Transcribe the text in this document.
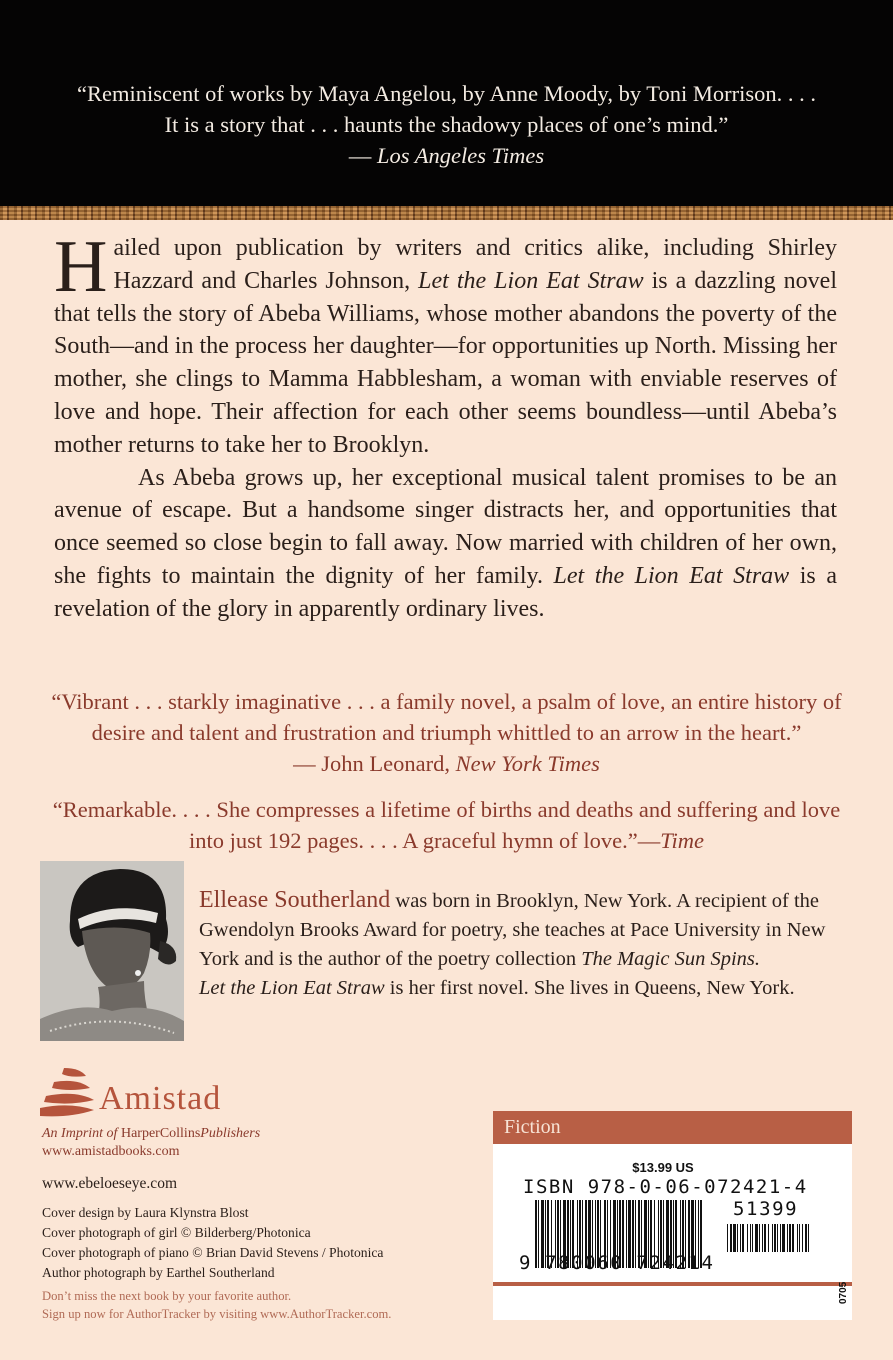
“Reminiscent of works by Maya Angelou, by Anne Moody, by Toni Morrison. . . .
It is a story that . . . haunts the shadowy places of one’s mind.”
— Los Angeles Times

Hailed upon publication by writers and critics alike, including Shirley Hazzard and Charles Johnson, Let the Lion Eat Straw is a dazzling novel that tells the story of Abeba Williams, whose mother abandons the poverty of the South—and in the process her daughter—for opportunities up North. Missing her mother, she clings to Mamma Habblesham, a woman with enviable reserves of love and hope. Their affection for each other seems boundless—until Abeba’s mother returns to take her to Brooklyn.

As Abeba grows up, her exceptional musical talent promises to be an avenue of escape. But a handsome singer distracts her, and opportunities that once seemed so close begin to fall away. Now married with children of her own, she fights to maintain the dignity of her family. Let the Lion Eat Straw is a revelation of the glory in apparently ordinary lives.

“Vibrant . . . starkly imaginative . . . a family novel, a psalm of love, an entire history of
desire and talent and frustration and triumph whittled to an arrow in the heart.”
— John Leonard, New York Times
“Remarkable. . . . She compresses a lifetime of births and deaths and suffering and love
into just 192 pages. . . . A graceful hymn of love.”—Time
Ellease Southerland was born in Brooklyn, New York. A recipient of the Gwendolyn Brooks Award for poetry, she teaches at Pace University in New York and is the author of the poetry collection The Magic Sun Spins.
Let the Lion Eat Straw is her first novel. She lives in Queens, New York.
Amistad
An Imprint of HarperCollinsPublishers
www.amistadbooks.com
www.ebeloeseye.com
Cover design by Laura Klynstra Blost
Cover photograph of girl © Bilderberg/Photonica
Cover photograph of piano © Brian David Stevens / Photonica
Author photograph by Earthel Southerland
Don’t miss the next book by your favorite author.
Sign up now for AuthorTracker by visiting www.AuthorTracker.com.
Fiction
$13.99 US
ISBN 978-0-06-072421-4
51399
9 780060 724214
0705
